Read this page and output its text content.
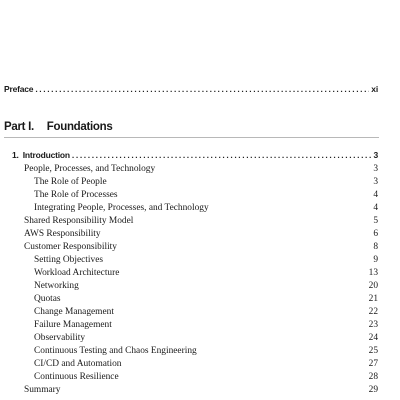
Preface .....	xi
Part I. Foundations
1. Introduction .....	3
People, Processes, and Technology	3
The Role of People	3
The Role of Processes	4
Integrating People, Processes, and Technology	4
Shared Responsibility Model	5
AWS Responsibility	6
Customer Responsibility	8
Setting Objectives	9
Workload Architecture	13
Networking	20
Quotas	21
Change Management	22
Failure Management	23
Observability	24
Continuous Testing and Chaos Engineering	25
CI/CD and Automation	27
Continuous Resilience	28
Summary	29
